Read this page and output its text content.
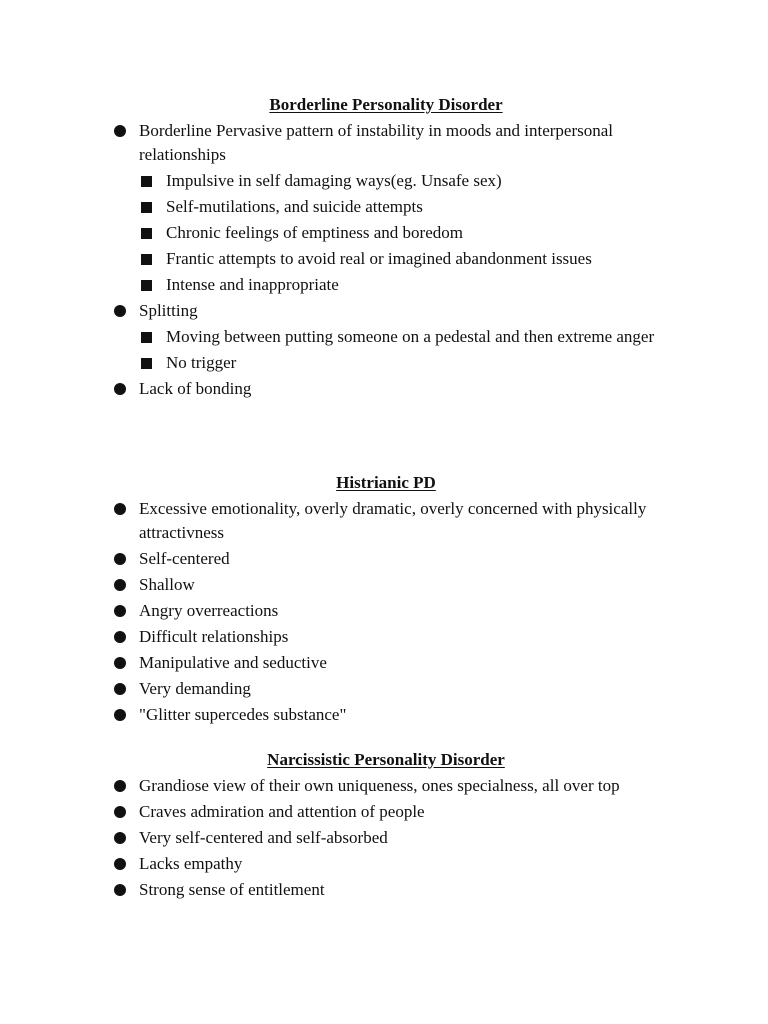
Borderline Personality Disorder
Borderline Pervasive pattern of instability in moods and interpersonal relationships
Impulsive in self damaging ways(eg. Unsafe sex)
Self-mutilations, and suicide attempts
Chronic feelings of emptiness and boredom
Frantic attempts to avoid real or imagined abandonment issues
Intense and inappropriate
Splitting
Moving between putting someone on a pedestal and then extreme anger
No trigger
Lack of bonding
Histrianic PD
Excessive emotionality, overly dramatic, overly concerned with physically attractivness
Self-centered
Shallow
Angry overreactions
Difficult relationships
Manipulative and seductive
Very demanding
"Glitter supercedes substance"
Narcissistic Personality Disorder
Grandiose view of their own uniqueness, ones specialness, all over top
Craves admiration and attention of people
Very self-centered and self-absorbed
Lacks empathy
Strong sense of entitlement
